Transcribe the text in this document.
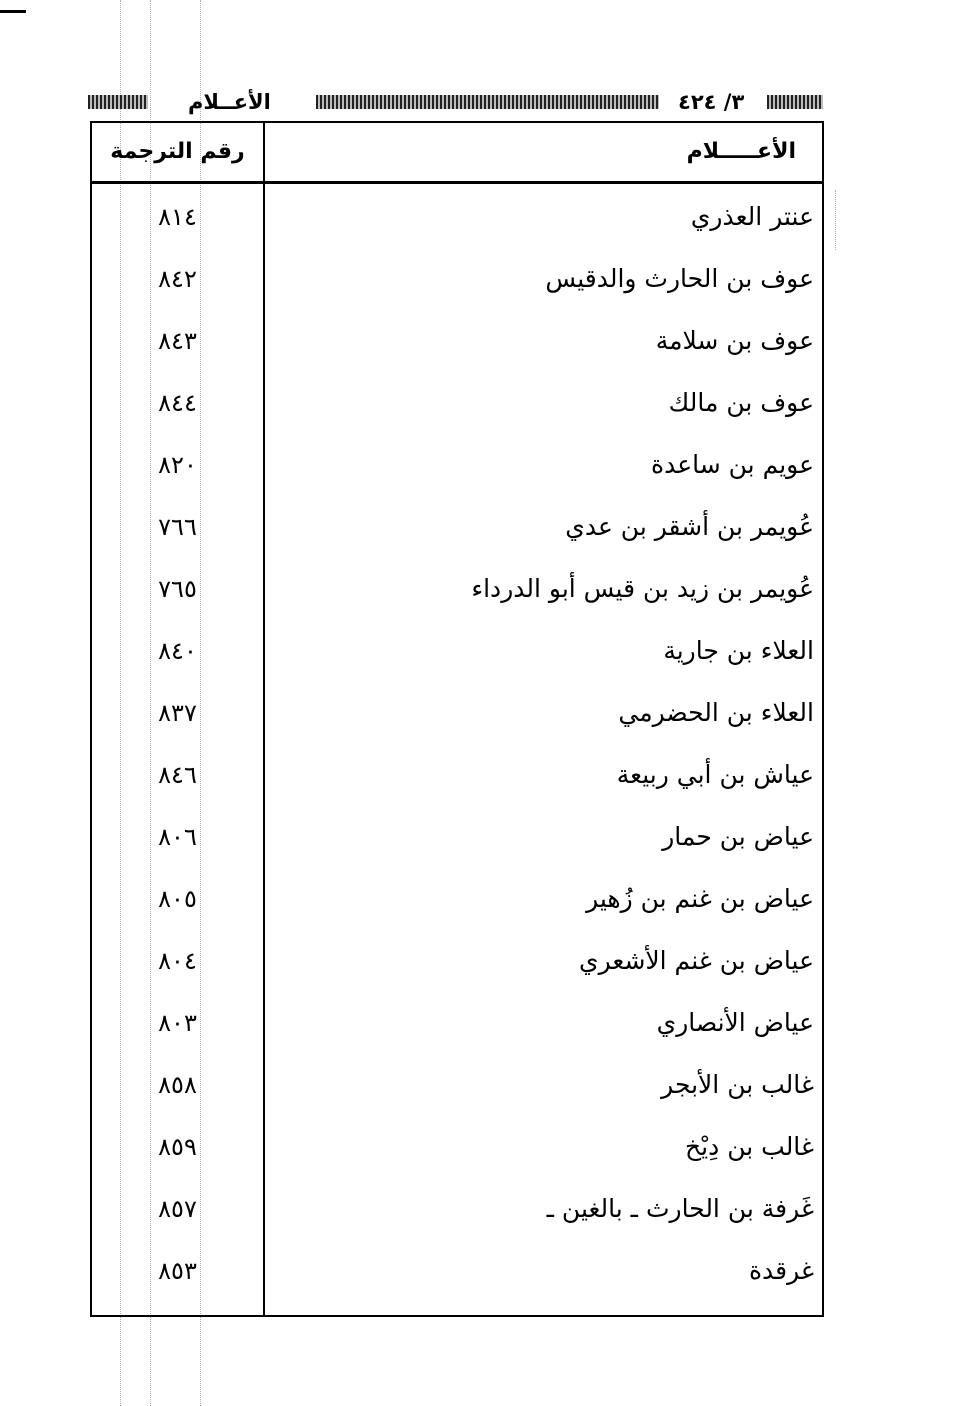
الأعــلام	٣/ ٤٢٤
رقم الترجمة	الأعـــــلام
٨١٤	عنتر العذري
٨٤٢	عوف بن الحارث والدقيس
٨٤٣	عوف بن سلامة
٨٤٤	عوف بن مالك
٨٢٠	عويم بن ساعدة
٧٦٦	عُويمر بن أشقر بن عدي
٧٦٥	عُويمر بن زيد بن قيس أبو الدرداء
٨٤٠	العلاء بن جارية
٨٣٧	العلاء بن الحضرمي
٨٤٦	عياش بن أبي ربيعة
٨٠٦	عياض بن حمار
٨٠٥	عياض بن غنم بن زُهير
٨٠٤	عياض بن غنم الأشعري
٨٠٣	عياض الأنصاري
٨٥٨	غالب بن الأبجر
٨٥٩	غالب بن دِيْخ
٨٥٧	غَرفة بن الحارث ـ بالغين ـ
٨٥٣	غرقدة
